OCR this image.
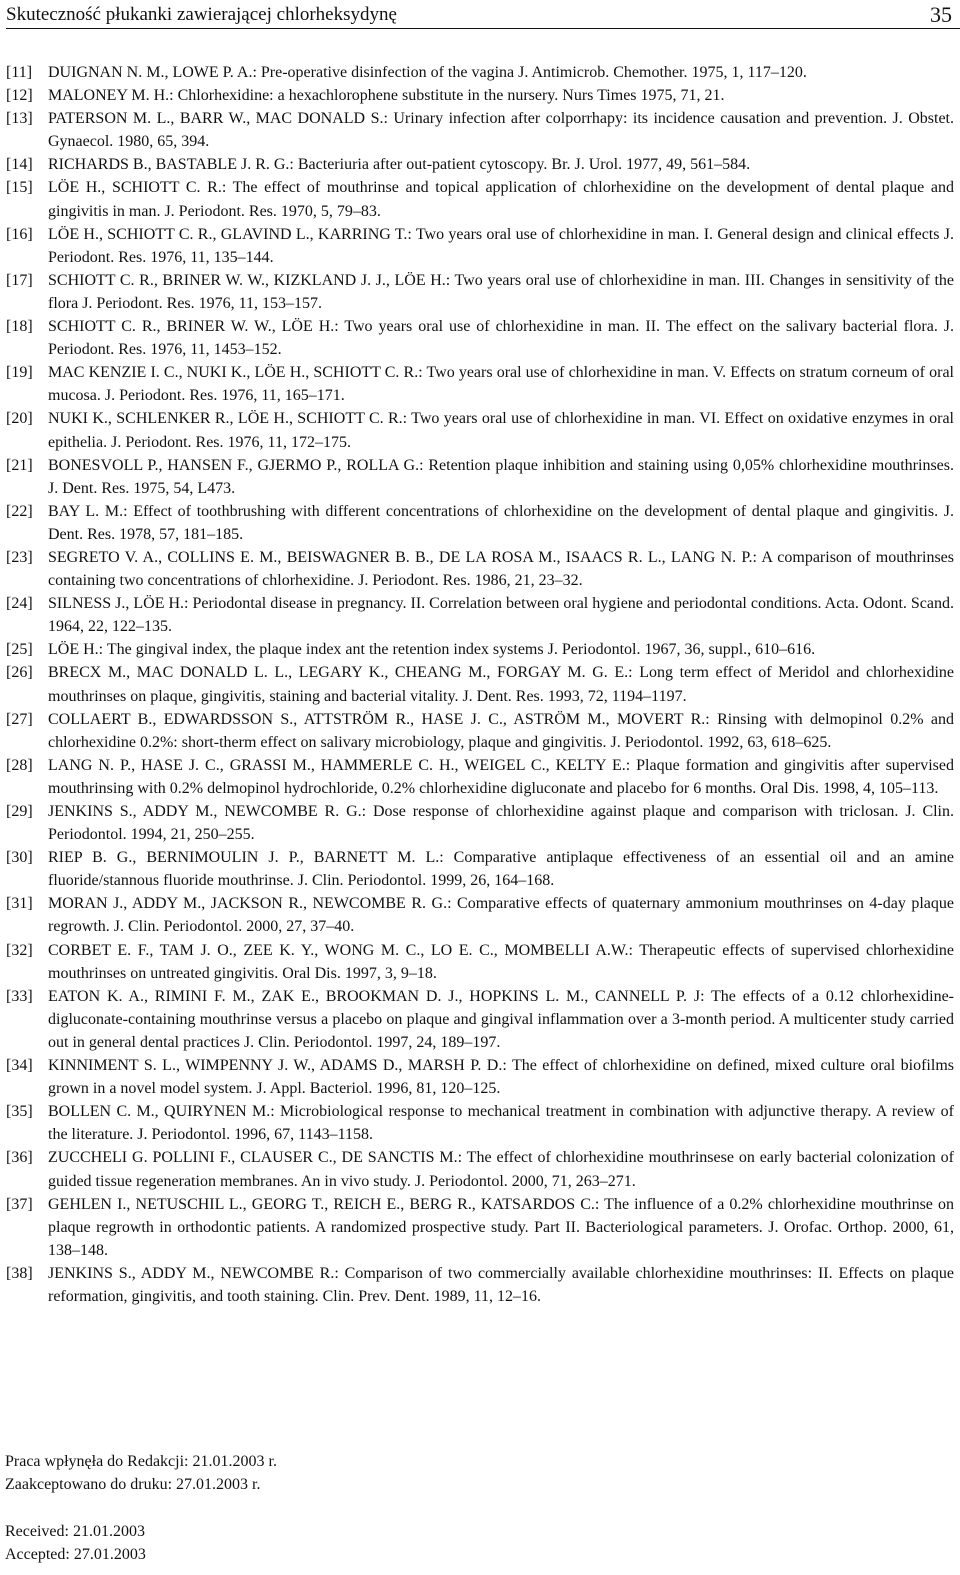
Skuteczność płukanki zawierającej chlorheksydynę	35

[11] DUIGNAN N. M., LOWE P. A.: Pre-operative disinfection of the vagina J. Antimicrob. Chemother. 1975, 1, 117–120.

[12] MALONEY M. H.: Chlorhexidine: a hexachlorophene substitute in the nursery. Nurs Times 1975, 71, 21.

[13] PATERSON M. L., BARR W., MAC DONALD S.: Urinary infection after colporrhapy: its incidence causation and prevention. J. Obstet. Gynaecol. 1980, 65, 394.

[14] RICHARDS B., BASTABLE J. R. G.: Bacteriuria after out-patient cytoscopy. Br. J. Urol. 1977, 49, 561–584.

[15] LÖE H., SCHIOTT C. R.: The effect of mouthrinse and topical application of chlorhexidine on the development of dental plaque and gingivitis in man. J. Periodont. Res. 1970, 5, 79–83.

[16] LÖE H., SCHIOTT C. R., GLAVIND L., KARRING T.: Two years oral use of chlorhexidine in man. I. General design and clinical effects J. Periodont. Res. 1976, 11, 135–144.

[17] SCHIOTT C. R., BRINER W. W., KIZKLAND J. J., LÖE H.: Two years oral use of chlorhexidine in man. III. Changes in sensitivity of the flora J. Periodont. Res. 1976, 11, 153–157.

[18] SCHIOTT C. R., BRINER W. W., LÖE H.: Two years oral use of chlorhexidine in man. II. The effect on the salivary bacterial flora. J. Periodont. Res. 1976, 11, 1453–152.

[19] MAC KENZIE I. C., NUKI K., LÖE H., SCHIOTT C. R.: Two years oral use of chlorhexidine in man. V. Effects on stratum corneum of oral mucosa. J. Periodont. Res. 1976, 11, 165–171.

[20] NUKI K., SCHLENKER R., LÖE H., SCHIOTT C. R.: Two years oral use of chlorhexidine in man. VI. Effect on oxidative enzymes in oral epithelia. J. Periodont. Res. 1976, 11, 172–175.

[21] BONESVOLL P., HANSEN F., GJERMO P., ROLLA G.: Retention plaque inhibition and staining using 0,05% chlorhexidine mouthrinses. J. Dent. Res. 1975, 54, L473.

[22] BAY L. M.: Effect of toothbrushing with different concentrations of chlorhexidine on the development of dental plaque and gingivitis. J. Dent. Res. 1978, 57, 181–185.

[23] SEGRETO V. A., COLLINS E. M., BEISWAGNER B. B., DE LA ROSA M., ISAACS R. L., LANG N. P.: A comparison of mouthrinses containing two concentrations of chlorhexidine. J. Periodont. Res. 1986, 21, 23–32.

[24] SILNESS J., LÖE H.: Periodontal disease in pregnancy. II. Correlation between oral hygiene and periodontal conditions. Acta. Odont. Scand. 1964, 22, 122–135.

[25] LÖE H.: The gingival index, the plaque index ant the retention index systems J. Periodontol. 1967, 36, suppl., 610–616.

[26] BRECX M., MAC DONALD L. L., LEGARY K., CHEANG M., FORGAY M. G. E.: Long term effect of Meridol and chlorhexidine mouthrinses on plaque, gingivitis, staining and bacterial vitality. J. Dent. Res. 1993, 72, 1194–1197.

[27] COLLAERT B., EDWARDSSON S., ATTSTRÖM R., HASE J. C., ASTRÖM M., MOVERT R.: Rinsing with delmopinol 0.2% and chlorhexidine 0.2%: short-therm effect on salivary microbiology, plaque and gingivitis. J. Periodontol. 1992, 63, 618–625.

[28] LANG N. P., HASE J. C., GRASSI M., HAMMERLE C. H., WEIGEL C., KELTY E.: Plaque formation and gingivitis after supervised mouthrinsing with 0.2% delmopinol hydrochloride, 0.2% chlorhexidine digluconate and placebo for 6 months. Oral Dis. 1998, 4, 105–113.

[29] JENKINS S., ADDY M., NEWCOMBE R. G.: Dose response of chlorhexidine against plaque and comparison with triclosan. J. Clin. Periodontol. 1994, 21, 250–255.

[30] RIEP B. G., BERNIMOULIN J. P., BARNETT M. L.: Comparative antiplaque effectiveness of an essential oil and an amine fluoride/stannous fluoride mouthrinse. J. Clin. Periodontol. 1999, 26, 164–168.

[31] MORAN J., ADDY M., JACKSON R., NEWCOMBE R. G.: Comparative effects of quaternary ammonium mouthrinses on 4-day plaque regrowth. J. Clin. Periodontol. 2000, 27, 37–40.

[32] CORBET E. F., TAM J. O., ZEE K. Y., WONG M. C., LO E. C., MOMBELLI A.W.: Therapeutic effects of supervised chlorhexidine mouthrinses on untreated gingivitis. Oral Dis. 1997, 3, 9–18.

[33] EATON K. A., RIMINI F. M., ZAK E., BROOKMAN D. J., HOPKINS L. M., CANNELL P. J: The effects of a 0.12 chlorhexidine-digluconate-containing mouthrinse versus a placebo on plaque and gingival inflammation over a 3-month period. A multicenter study carried out in general dental practices J. Clin. Periodontol. 1997, 24, 189–197.

[34] KINNIMENT S. L., WIMPENNY J. W., ADAMS D., MARSH P. D.: The effect of chlorhexidine on defined, mixed culture oral biofilms grown in a novel model system. J. Appl. Bacteriol. 1996, 81, 120–125.

[35] BOLLEN C. M., QUIRYNEN M.: Microbiological response to mechanical treatment in combination with adjunctive therapy. A review of the literature. J. Periodontol. 1996, 67, 1143–1158.

[36] ZUCCHELI G. POLLINI F., CLAUSER C., DE SANCTIS M.: The effect of chlorhexidine mouthrinsese on early bacterial colonization of guided tissue regeneration membranes. An in vivo study. J. Periodontol. 2000, 71, 263–271.

[37] GEHLEN I., NETUSCHIL L., GEORG T., REICH E., BERG R., KATSARDOS C.: The influence of a 0.2% chlorhexidine mouthrinse on plaque regrowth in orthodontic patients. A randomized prospective study. Part II. Bacteriological parameters. J. Orofac. Orthop. 2000, 61, 138–148.

[38] JENKINS S., ADDY M., NEWCOMBE R.: Comparison of two commercially available chlorhexidine mouthrinses: II. Effects on plaque reformation, gingivitis, and tooth staining. Clin. Prev. Dent. 1989, 11, 12–16.

Praca wpłynęła do Redakcji: 21.01.2003 r.
Zaakceptowano do druku: 27.01.2003 r.
Received: 21.01.2003
Accepted: 27.01.2003
